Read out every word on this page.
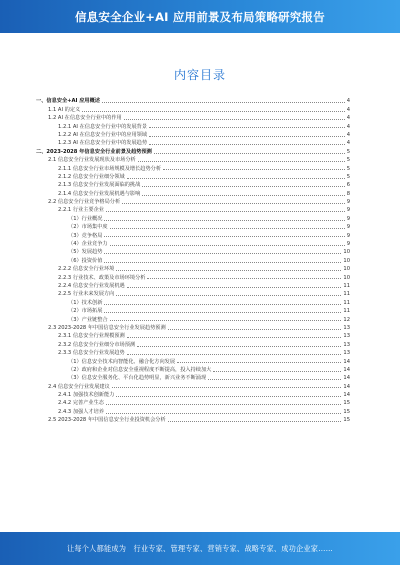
信息安全企业+AI 应用前景及布局策略研究报告
内容目录
一、信息安全+AI 应用概述	4
1.1 AI 的定义	4
1.2 AI 在信息安全行业中的作用	4
1.2.1 AI 在信息安全行业中的发展背景	4
1.2.2 AI 在信息安全行业中的应用领域	4
1.2.3 AI 在信息安全行业中的发展趋势	4
二、2023-2028 年信息安全行业前景及趋势预测	5
2.1 信息安全行业发展现状及市场分析	5
2.1.1 信息安全行业市场规模及增长趋势分析	5
2.1.2 信息安全行业细分领域	5
2.1.3 信息安全行业发展面临的挑战	6
2.1.4 信息安全行业发展机遇与影响	8
2.2 信息安全行业竞争格局分析	9
2.2.1 行业主要企业	9
（1）行业概况	9
（2）市场集中度	9
（3）竞争格局	9
（4）企业竞争力	9
（5）发展趋势	10
（6）投资价值	10
2.2.2 信息安全行业环境	10
2.2.3 行业技术、政策及市场环境分析	10
2.2.4 信息安全行业发展机遇	11
2.2.5 行业未来发展方向	11
（1）技术创新	11
（2）市场拓展	11
（3）产业链整合	12
2.3 2023-2028 年中国信息安全行业发展趋势预测	13
2.3.1 信息安全行业规模预测	13
2.3.2 信息安全行业细分市场预测	13
2.3.3 信息安全行业发展趋势	13
（1）信息安全技术向智能化、融合化方向发展	14
（2）政府和企业对信息安全重视程度不断提高，投入持续加大	14
（3）信息安全服务化、平台化趋势明显，新兴业务不断涌现	14
2.4 信息安全行业发展建议	14
2.4.1 加强技术创新能力	14
2.4.2 完善产业生态	15
2.4.3 加强人才培养	15
2.5 2023-2028 年中国信息安全行业投资机会分析	15
让每个人都能成为　行业专家、管理专家、营销专家、战略专家、成功企业家……
